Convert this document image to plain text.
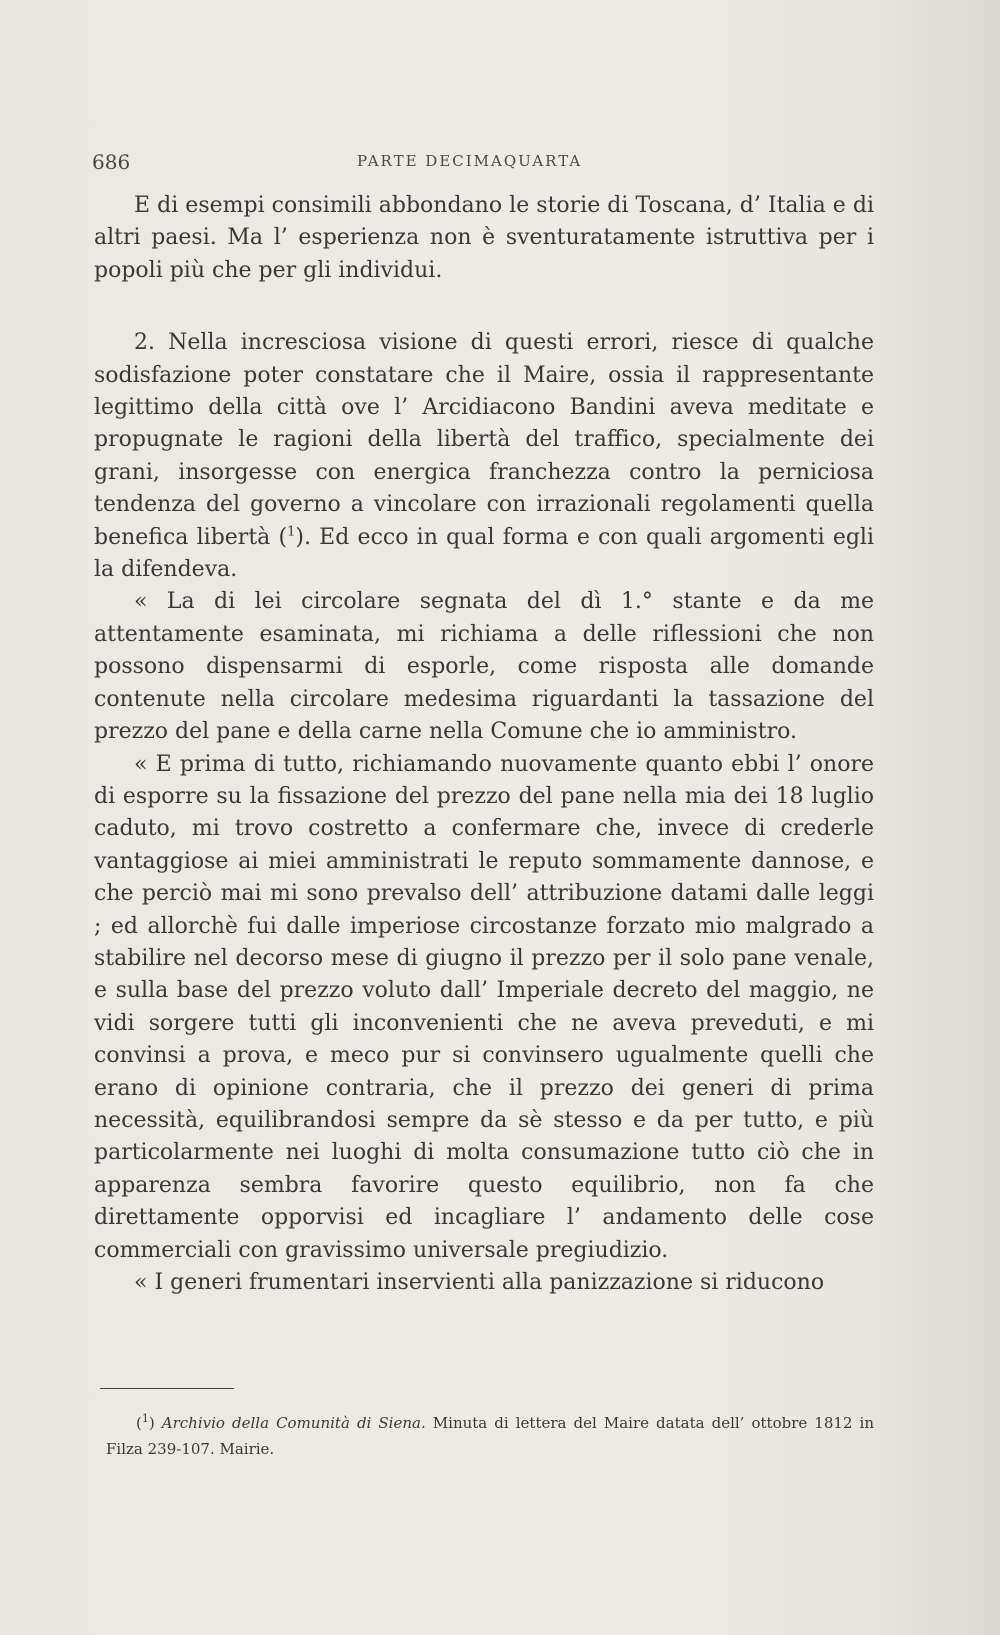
686	PARTE DECIMAQUARTA

E di esempi consimili abbondano le storie di Toscana, d’ Italia e di altri paesi. Ma l’ esperienza non è sventuratamente istruttiva per i popoli più che per gli individui.

2. Nella incresciosa visione di questi errori, riesce di qualche sodisfazione poter constatare che il Maire, ossia il rappresentante legittimo della città ove l’ Arcidiacono Bandini aveva meditate e propugnate le ragioni della libertà del traffico, specialmente dei grani, insorgesse con energica franchezza contro la perniciosa tendenza del governo a vincolare con irrazionali regolamenti quella benefica libertà ($^1$). Ed ecco in qual forma e con quali argomenti egli la difendeva.

« La di lei circolare segnata del dì 1.° stante e da me attentamente esaminata, mi richiama a delle riflessioni che non possono dispensarmi di esporle, come risposta alle domande contenute nella circolare medesima riguardanti la tassazione del prezzo del pane e della carne nella Comune che io amministro.

« E prima di tutto, richiamando nuovamente quanto ebbi l’ onore di esporre su la fissazione del prezzo del pane nella mia dei 18 luglio caduto, mi trovo costretto a confermare che, invece di crederle vantaggiose ai miei amministrati le reputo sommamente dannose, e che perciò mai mi sono prevalso dell’ attribuzione datami dalle leggi ; ed allorchè fui dalle imperiose circostanze forzato mio malgrado a stabilire nel decorso mese di giugno il prezzo per il solo pane venale, e sulla base del prezzo voluto dall’ Imperiale decreto del maggio, ne vidi sorgere tutti gli inconvenienti che ne aveva preveduti, e mi convinsi a prova, e meco pur si convinsero ugualmente quelli che erano di opinione contraria, che il prezzo dei generi di prima necessità, equilibrandosi sempre da sè stesso e da per tutto, e più particolarmente nei luoghi di molta consumazione tutto ciò che in apparenza sembra favorire questo equilibrio, non fa che direttamente opporvisi ed incagliare l’ andamento delle cose commerciali con gravissimo universale pregiudizio.

« I generi frumentari inservienti alla panizzazione si riducono

($^1$) Archivio della Comunità di Siena. Minuta di lettera del Maire datata dell’ ottobre 1812 in Filza 239-107. Mairie.
